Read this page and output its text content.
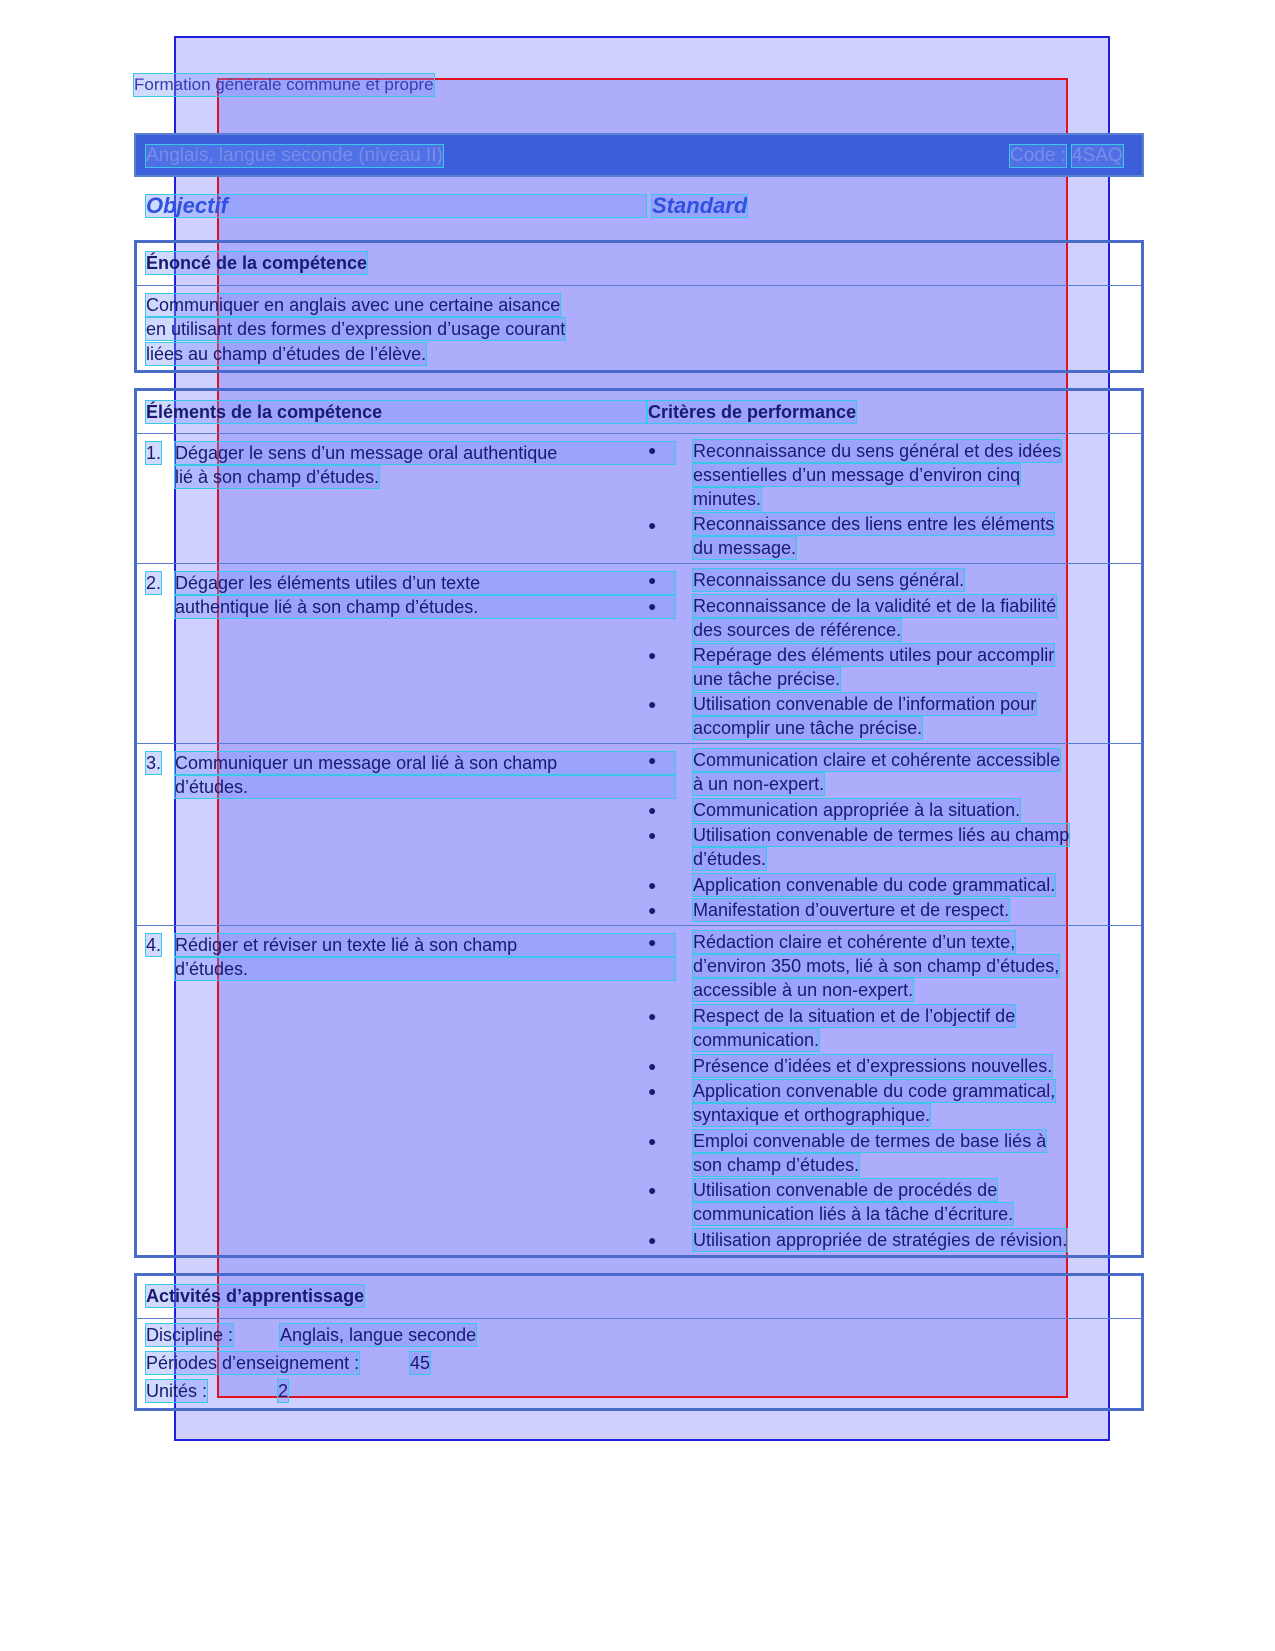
Formation générale commune et propre
Anglais, langue seconde (niveau II)	Code : 4SAQ
Objectif	Standard
Énoncé de la compétence
Communiquer en anglais avec une certaine aisance
en utilisant des formes d’expression d’usage courant
liées au champ d’études de l’élève.
Éléments de la compétence	Critères de performance
1. Dégager le sens d’un message oral authentique
lié à son champ d’études.
● Reconnaissance du sens général et des idées
essentielles d’un message d’environ cinq
minutes.
● Reconnaissance des liens entre les éléments
du message.
2. Dégager les éléments utiles d’un texte
authentique lié à son champ d’études.
● Reconnaissance du sens général.
● Reconnaissance de la validité et de la fiabilité
des sources de référence.
● Repérage des éléments utiles pour accomplir
une tâche précise.
● Utilisation convenable de l’information pour
accomplir une tâche précise.
3. Communiquer un message oral lié à son champ
d’études.
● Communication claire et cohérente accessible
à un non-expert.
● Communication appropriée à la situation.
● Utilisation convenable de termes liés au champ
d’études.
● Application convenable du code grammatical.
● Manifestation d’ouverture et de respect.
4. Rédiger et réviser un texte lié à son champ
d’études.
● Rédaction claire et cohérente d’un texte,
d’environ 350 mots, lié à son champ d’études,
accessible à un non-expert.
● Respect de la situation et de l’objectif de
communication.
● Présence d’idées et d’expressions nouvelles.
● Application convenable du code grammatical,
syntaxique et orthographique.
● Emploi convenable de termes de base liés à
son champ d’études.
● Utilisation convenable de procédés de
communication liés à la tâche d’écriture.
● Utilisation appropriée de stratégies de révision.
Activités d’apprentissage
Discipline :	Anglais, langue seconde
Périodes d’enseignement :	45
Unités :	2
